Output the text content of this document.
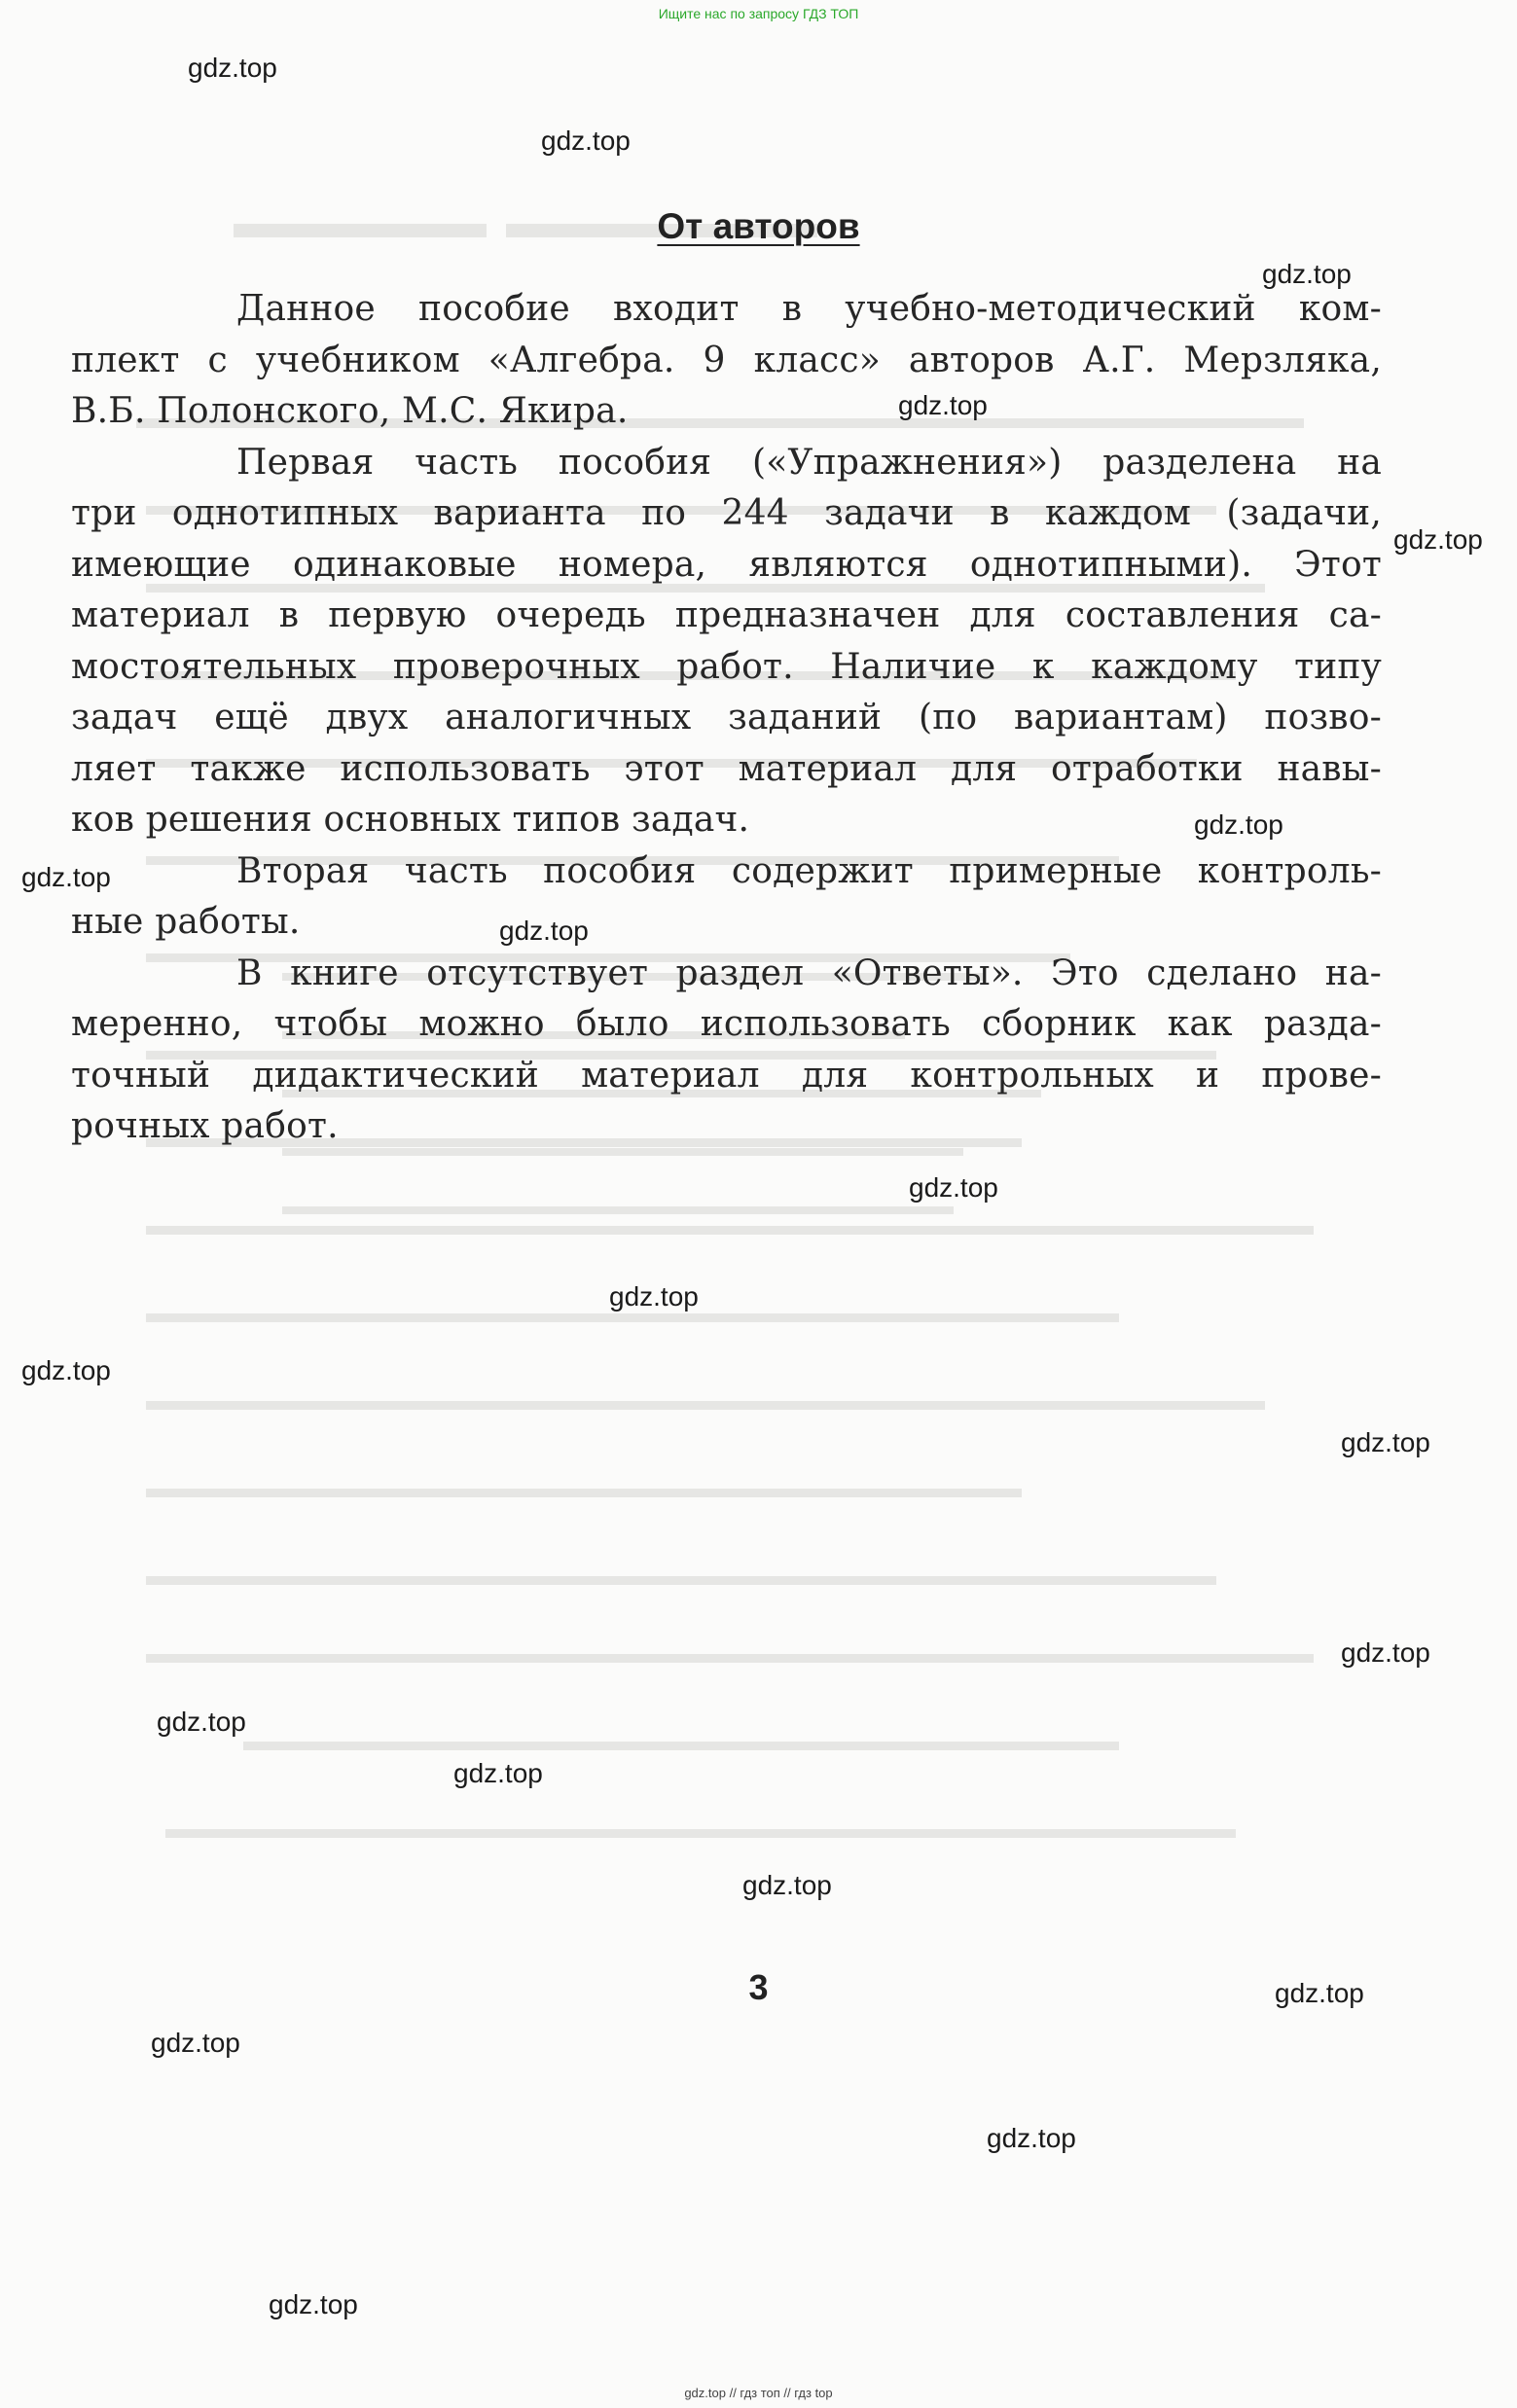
Ищите нас по запросу ГДЗ ТОП
От авторов
Данное пособие входит в учебно-методический ком-
плект с учебником «Алгебра. 9 класс» авторов А.Г. Мерзляка,
В.Б. Полонского, М.С. Якира.
Первая часть пособия («Упражнения») разделена на
три однотипных варианта по 244 задачи в каждом (задачи,
имеющие одинаковые номера, являются однотипными). Этот
материал в первую очередь предназначен для составления са-
мостоятельных проверочных работ. Наличие к каждому типу
задач ещё двух аналогичных заданий (по вариантам) позво-
ляет также использовать этот материал для отработки навы-
ков решения основных типов задач.
Вторая часть пособия содержит примерные контроль-
ные работы.
В книге отсутствует раздел «Ответы». Это сделано на-
меренно, чтобы можно было использовать сборник как разда-
точный дидактический материал для контрольных и прове-
рочных работ.
3
gdz.top
gdz.top
gdz.top
gdz.top
gdz.top
gdz.top
gdz.top
gdz.top
gdz.top
gdz.top
gdz.top
gdz.top
gdz.top
gdz.top
gdz.top
gdz.top
gdz.top
gdz.top
gdz.top
gdz.top
gdz.top // гдз топ // гдз top
